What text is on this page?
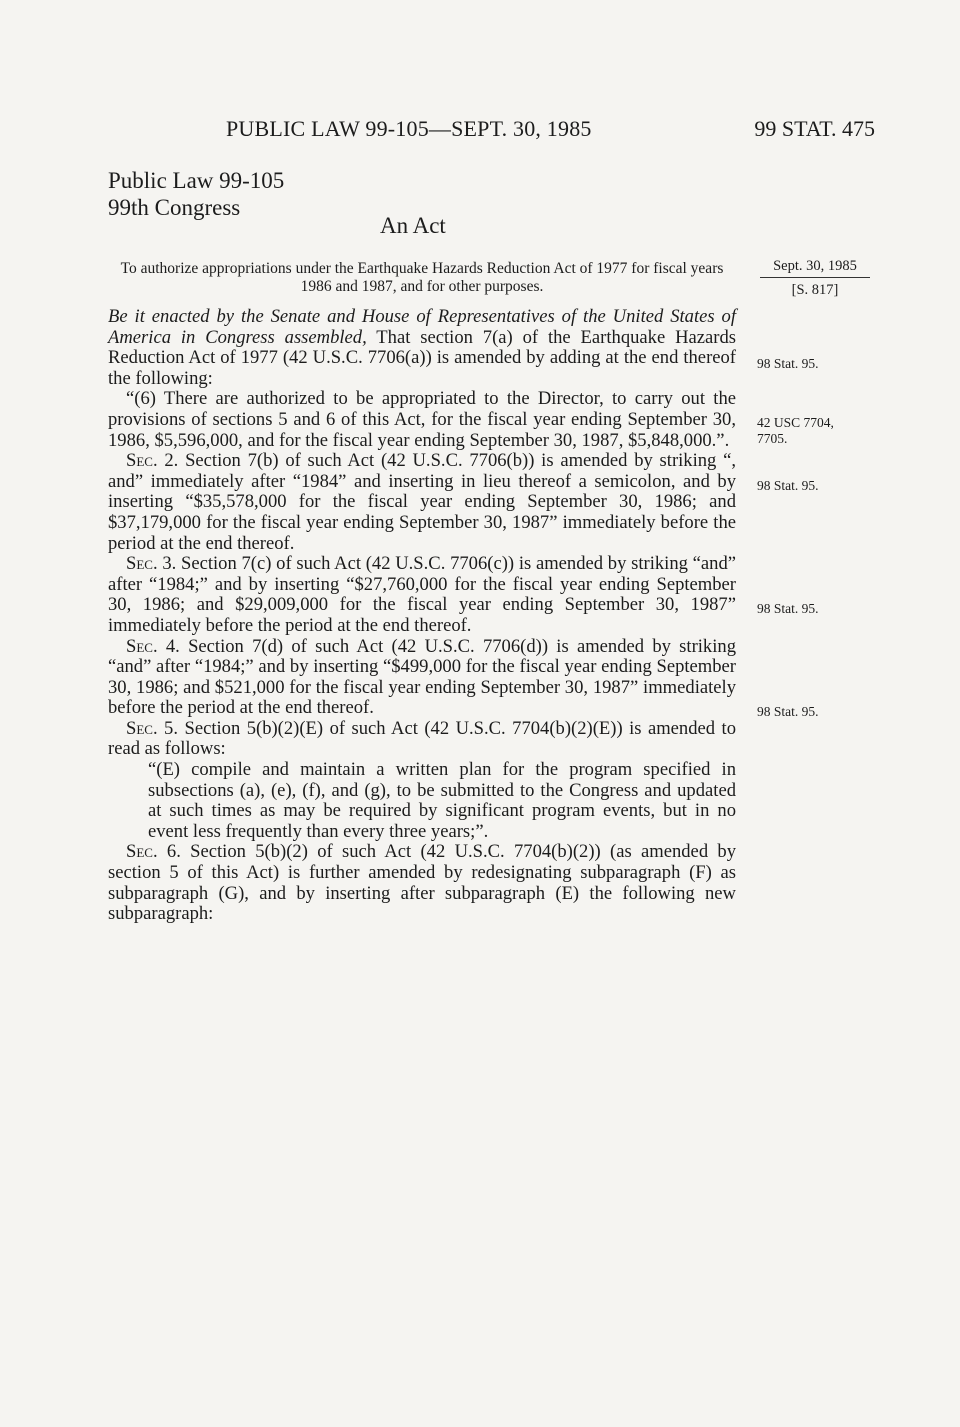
PUBLIC LAW 99-105—SEPT. 30, 1985	99 STAT. 475
Public Law 99-105
99th Congress
An Act
To authorize appropriations under the Earthquake Hazards Reduction Act of 1977 for fiscal years 1986 and 1987, and for other purposes.
Sept. 30, 1985
[S. 817]

Be it enacted by the Senate and House of Representatives of the United States of America in Congress assembled, That section 7(a) of the Earthquake Hazards Reduction Act of 1977 (42 U.S.C. 7706(a)) is amended by adding at the end thereof the following:

“(6) There are authorized to be appropriated to the Director, to carry out the provisions of sections 5 and 6 of this Act, for the fiscal year ending September 30, 1986, $5,596,000, and for the fiscal year ending September 30, 1987, $5,848,000.”.

Sec. 2. Section 7(b) of such Act (42 U.S.C. 7706(b)) is amended by striking “, and” immediately after “1984” and inserting in lieu thereof a semicolon, and by inserting “$35,578,000 for the fiscal year ending September 30, 1986; and $37,179,000 for the fiscal year ending September 30, 1987” immediately before the period at the end thereof.

Sec. 3. Section 7(c) of such Act (42 U.S.C. 7706(c)) is amended by striking “and” after “1984;” and by inserting “$27,760,000 for the fiscal year ending September 30, 1986; and $29,009,000 for the fiscal year ending September 30, 1987” immediately before the period at the end thereof.

Sec. 4. Section 7(d) of such Act (42 U.S.C. 7706(d)) is amended by striking “and” after “1984;” and by inserting “$499,000 for the fiscal year ending September 30, 1986; and $521,000 for the fiscal year ending September 30, 1987” immediately before the period at the end thereof.

Sec. 5. Section 5(b)(2)(E) of such Act (42 U.S.C. 7704(b)(2)(E)) is amended to read as follows:

“(E) compile and maintain a written plan for the program specified in subsections (a), (e), (f), and (g), to be submitted to the Congress and updated at such times as may be required by significant program events, but in no event less frequently than every three years;”.

Sec. 6. Section 5(b)(2) of such Act (42 U.S.C. 7704(b)(2)) (as amended by section 5 of this Act) is further amended by redesignating subparagraph (F) as subparagraph (G), and by inserting after subparagraph (E) the following new subparagraph:

98 Stat. 95.
42 USC 7704,
7705.
98 Stat. 95.
98 Stat. 95.
98 Stat. 95.
